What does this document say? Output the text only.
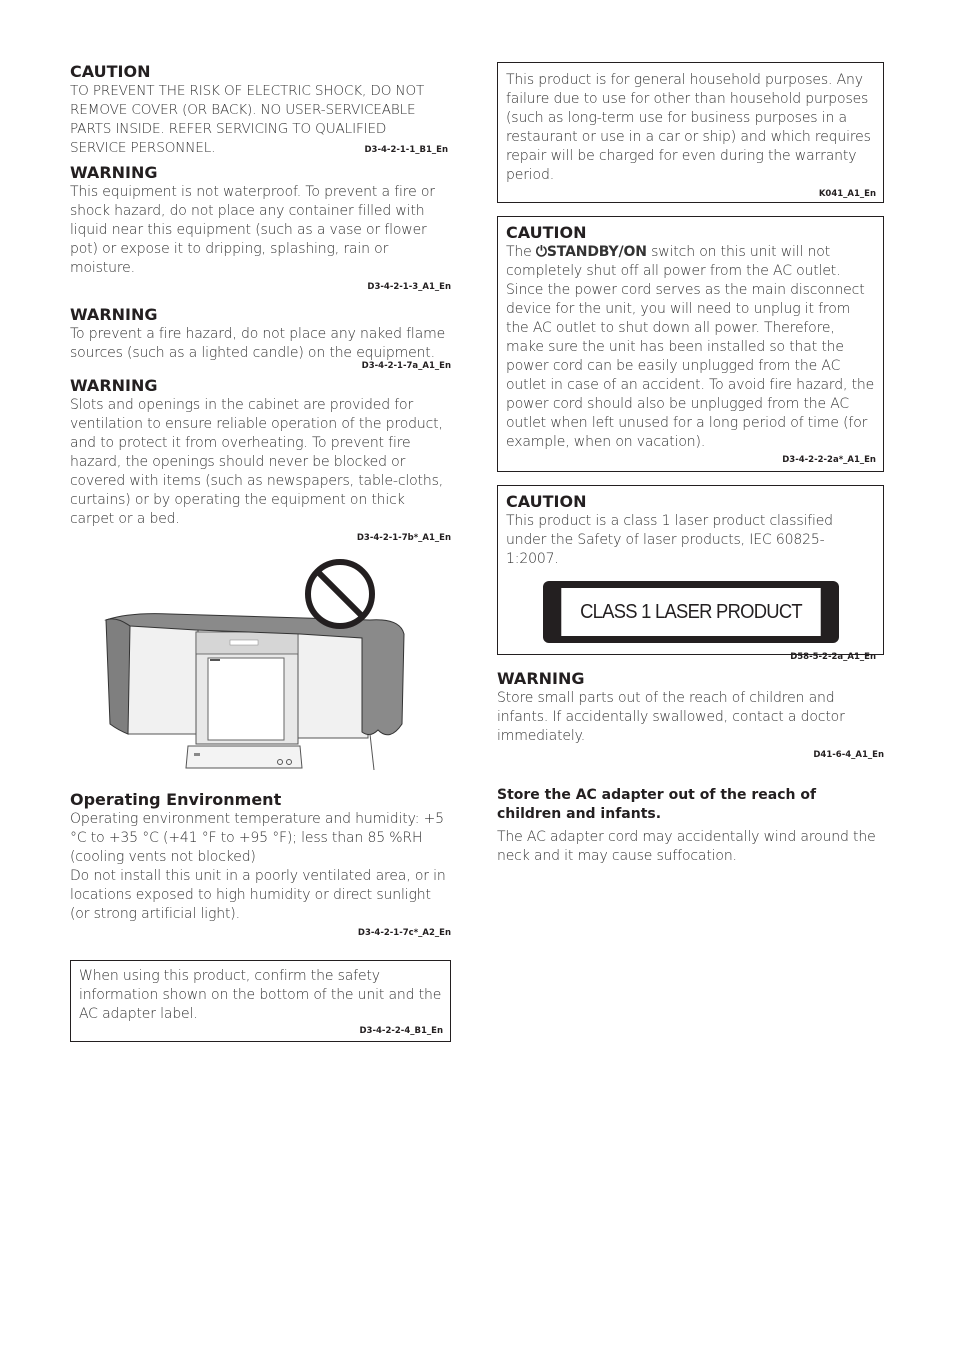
CAUTION

TO PREVENT THE RISK OF ELECTRIC SHOCK, DO NOT
REMOVE COVER (OR BACK). NO USER-SERVICEABLE
PARTS INSIDE. REFER SERVICING TO QUALIFIED
SERVICE PERSONNEL.	D3-4-2-1-1_B1_En
WARNING

This equipment is not waterproof. To prevent a fire or shock hazard, do not place any container filled with liquid near this equipment (such as a vase or flower pot) or expose it to dripping, splashing, rain or moisture.

D3-4-2-1-3_A1_En
WARNING

To prevent a fire hazard, do not place any naked flame sources (such as a lighted candle) on the equipment.

D3-4-2-1-7a_A1_En
WARNING

Slots and openings in the cabinet are provided for ventilation to ensure reliable operation of the product, and to protect it from overheating. To prevent fire hazard, the openings should never be blocked or covered with items (such as newspapers, table-cloths, curtains) or by operating the equipment on thick carpet or a bed.

D3-4-2-1-7b*_A1_En
Operating Environment

Operating environment temperature and humidity: +5 °C to +35 °C (+41 °F to +95 °F); less than 85 %RH (cooling vents not blocked)

Do not install this unit in a poorly ventilated area, or in locations exposed to high humidity or direct sunlight (or strong artificial light).

D3-4-2-1-7c*_A2_En

When using this product, confirm the safety information shown on the bottom of the unit and the AC adapter label.

D3-4-2-2-4_B1_En

This product is for general household purposes. Any failure due to use for other than household purposes (such as long-term use for business purposes in a restaurant or use in a car or ship) and which requires repair will be charged for even during the warranty period.

K041_A1_En
CAUTION

The ⏻STANDBY/ON switch on this unit will not completely shut off all power from the AC outlet. Since the power cord serves as the main disconnect device for the unit, you will need to unplug it from the AC outlet to shut down all power. Therefore, make sure the unit has been installed so that the power cord can be easily unplugged from the AC outlet in case of an accident. To avoid fire hazard, the power cord should also be unplugged from the AC outlet when left unused for a long period of time (for example, when on vacation).

D3-4-2-2-2a*_A1_En
CAUTION

This product is a class 1 laser product classified under the Safety of laser products, IEC 60825-1:2007.

CLASS 1 LASER PRODUCT
D58-5-2-2a_A1_En
WARNING

Store small parts out of the reach of children and infants. If accidentally swallowed, contact a doctor immediately.

D41-6-4_A1_En

Store the AC adapter out of the reach of children and infants.

The AC adapter cord may accidentally wind around the neck and it may cause suffocation.
